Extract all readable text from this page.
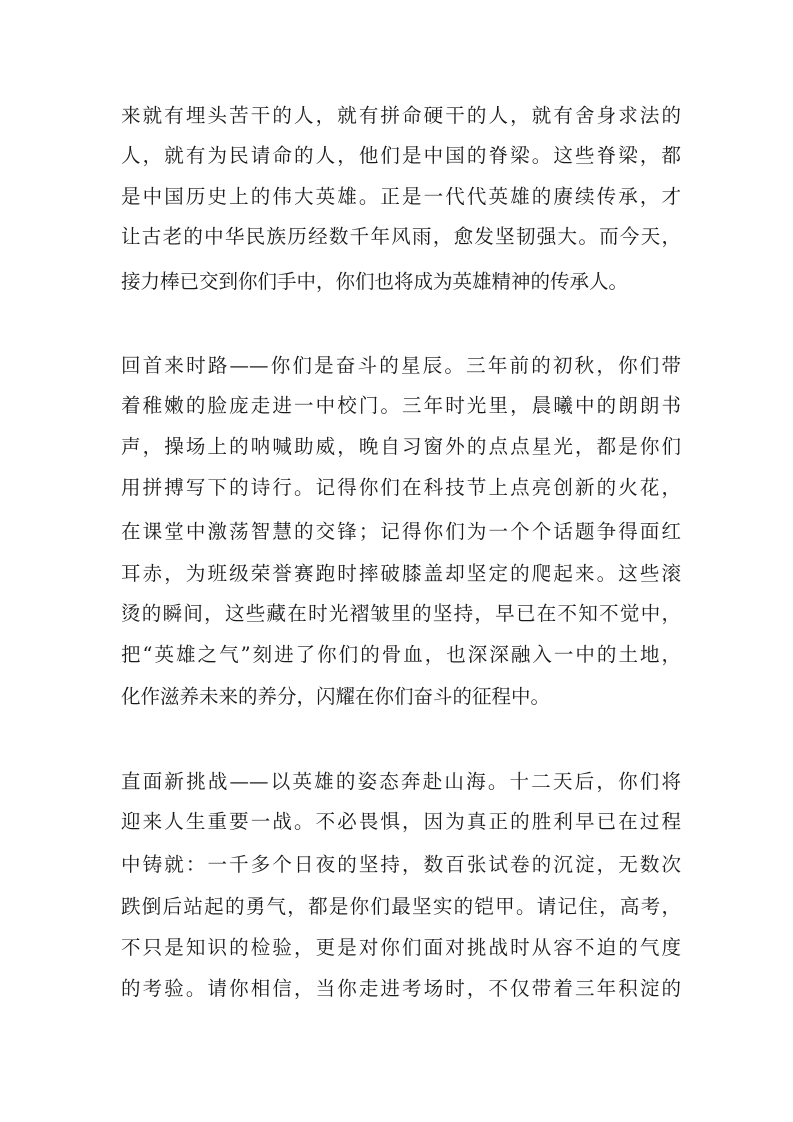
来就有埋头苦干的人，就有拼命硬干的人，就有舍身求法的
人，就有为民请命的人，他们是中国的脊梁。这些脊梁，都
是中国历史上的伟大英雄。正是一代代英雄的赓续传承，才
让古老的中华民族历经数千年风雨，愈发坚韧强大。而今天，
接力棒已交到你们手中，你们也将成为英雄精神的传承人。
回首来时路——你们是奋斗的星辰。三年前的初秋，你们带
着稚嫩的脸庞走进一中校门。三年时光里，晨曦中的朗朗书
声，操场上的呐喊助威，晚自习窗外的点点星光，都是你们
用拼搏写下的诗行。记得你们在科技节上点亮创新的火花，
在课堂中激荡智慧的交锋；记得你们为一个个话题争得面红
耳赤，为班级荣誉赛跑时摔破膝盖却坚定的爬起来。这些滚
烫的瞬间，这些藏在时光褶皱里的坚持，早已在不知不觉中，
把“英雄之气”刻进了你们的骨血，也深深融入一中的土地，
化作滋养未来的养分，闪耀在你们奋斗的征程中。
直面新挑战——以英雄的姿态奔赴山海。十二天后，你们将
迎来人生重要一战。不必畏惧，因为真正的胜利早已在过程
中铸就：一千多个日夜的坚持，数百张试卷的沉淀，无数次
跌倒后站起的勇气，都是你们最坚实的铠甲。请记住，高考，
不只是知识的检验，更是对你们面对挑战时从容不迫的气度
的考验。请你相信，当你走进考场时，不仅带着三年积淀的
